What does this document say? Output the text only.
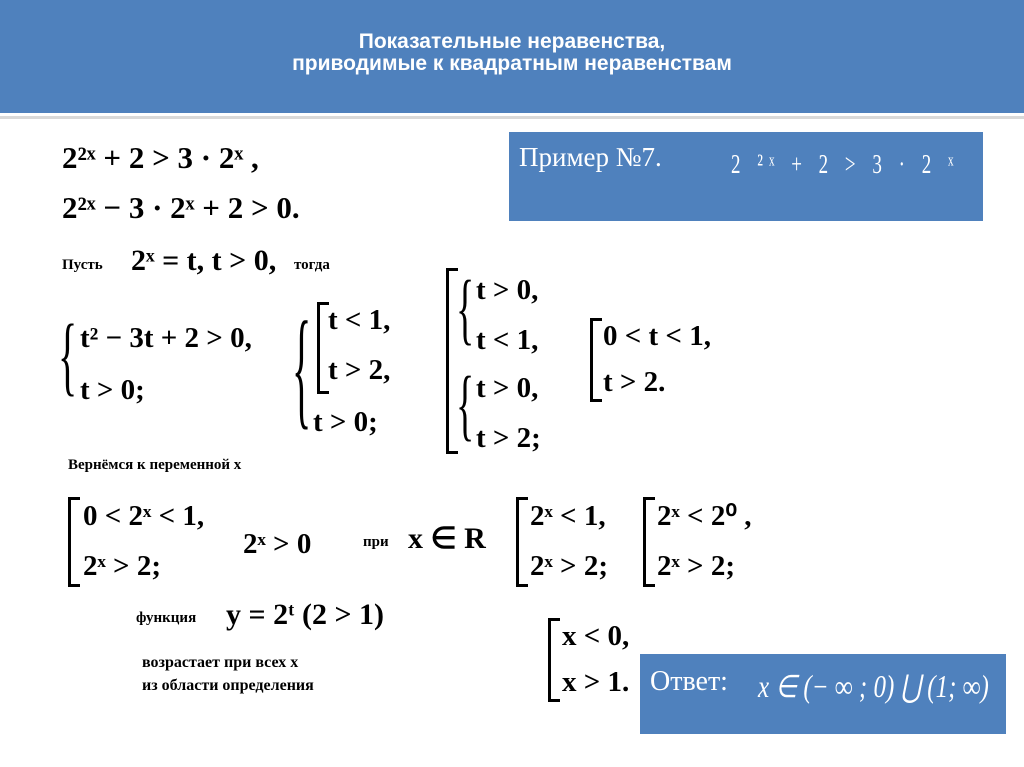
Показательные неравенства,
приводимые к квадратным неравенствам
Пример №7.	2 ²ˣ + 2 > 3 · 2 ˣ
2²ˣ + 2 > 3 · 2ˣ ,
2²ˣ − 3 · 2ˣ + 2 > 0.
Пусть 2ˣ = t, t > 0, тогда
{ t² − 3t + 2 > 0,
t > 0;	{ t < 1,
t > 2,
t > 0;
{ t > 0,
t < 1,
{ t > 0,
t > 2;
0 < t < 1,
t > 2.
Вернёмся к переменной х
0 < 2ˣ < 1,
2ˣ > 2;
2ˣ > 0	при x ∈ R
2ˣ < 1,
2ˣ > 2;
2ˣ < 2⁰ ,
2ˣ > 2;
функция y = 2ᵗ (2 > 1)
возрастает при всех х
из области определения
x < 0,
x > 1. Ответ: x ∈ (− ∞ ; 0) ⋃ (1; ∞)
